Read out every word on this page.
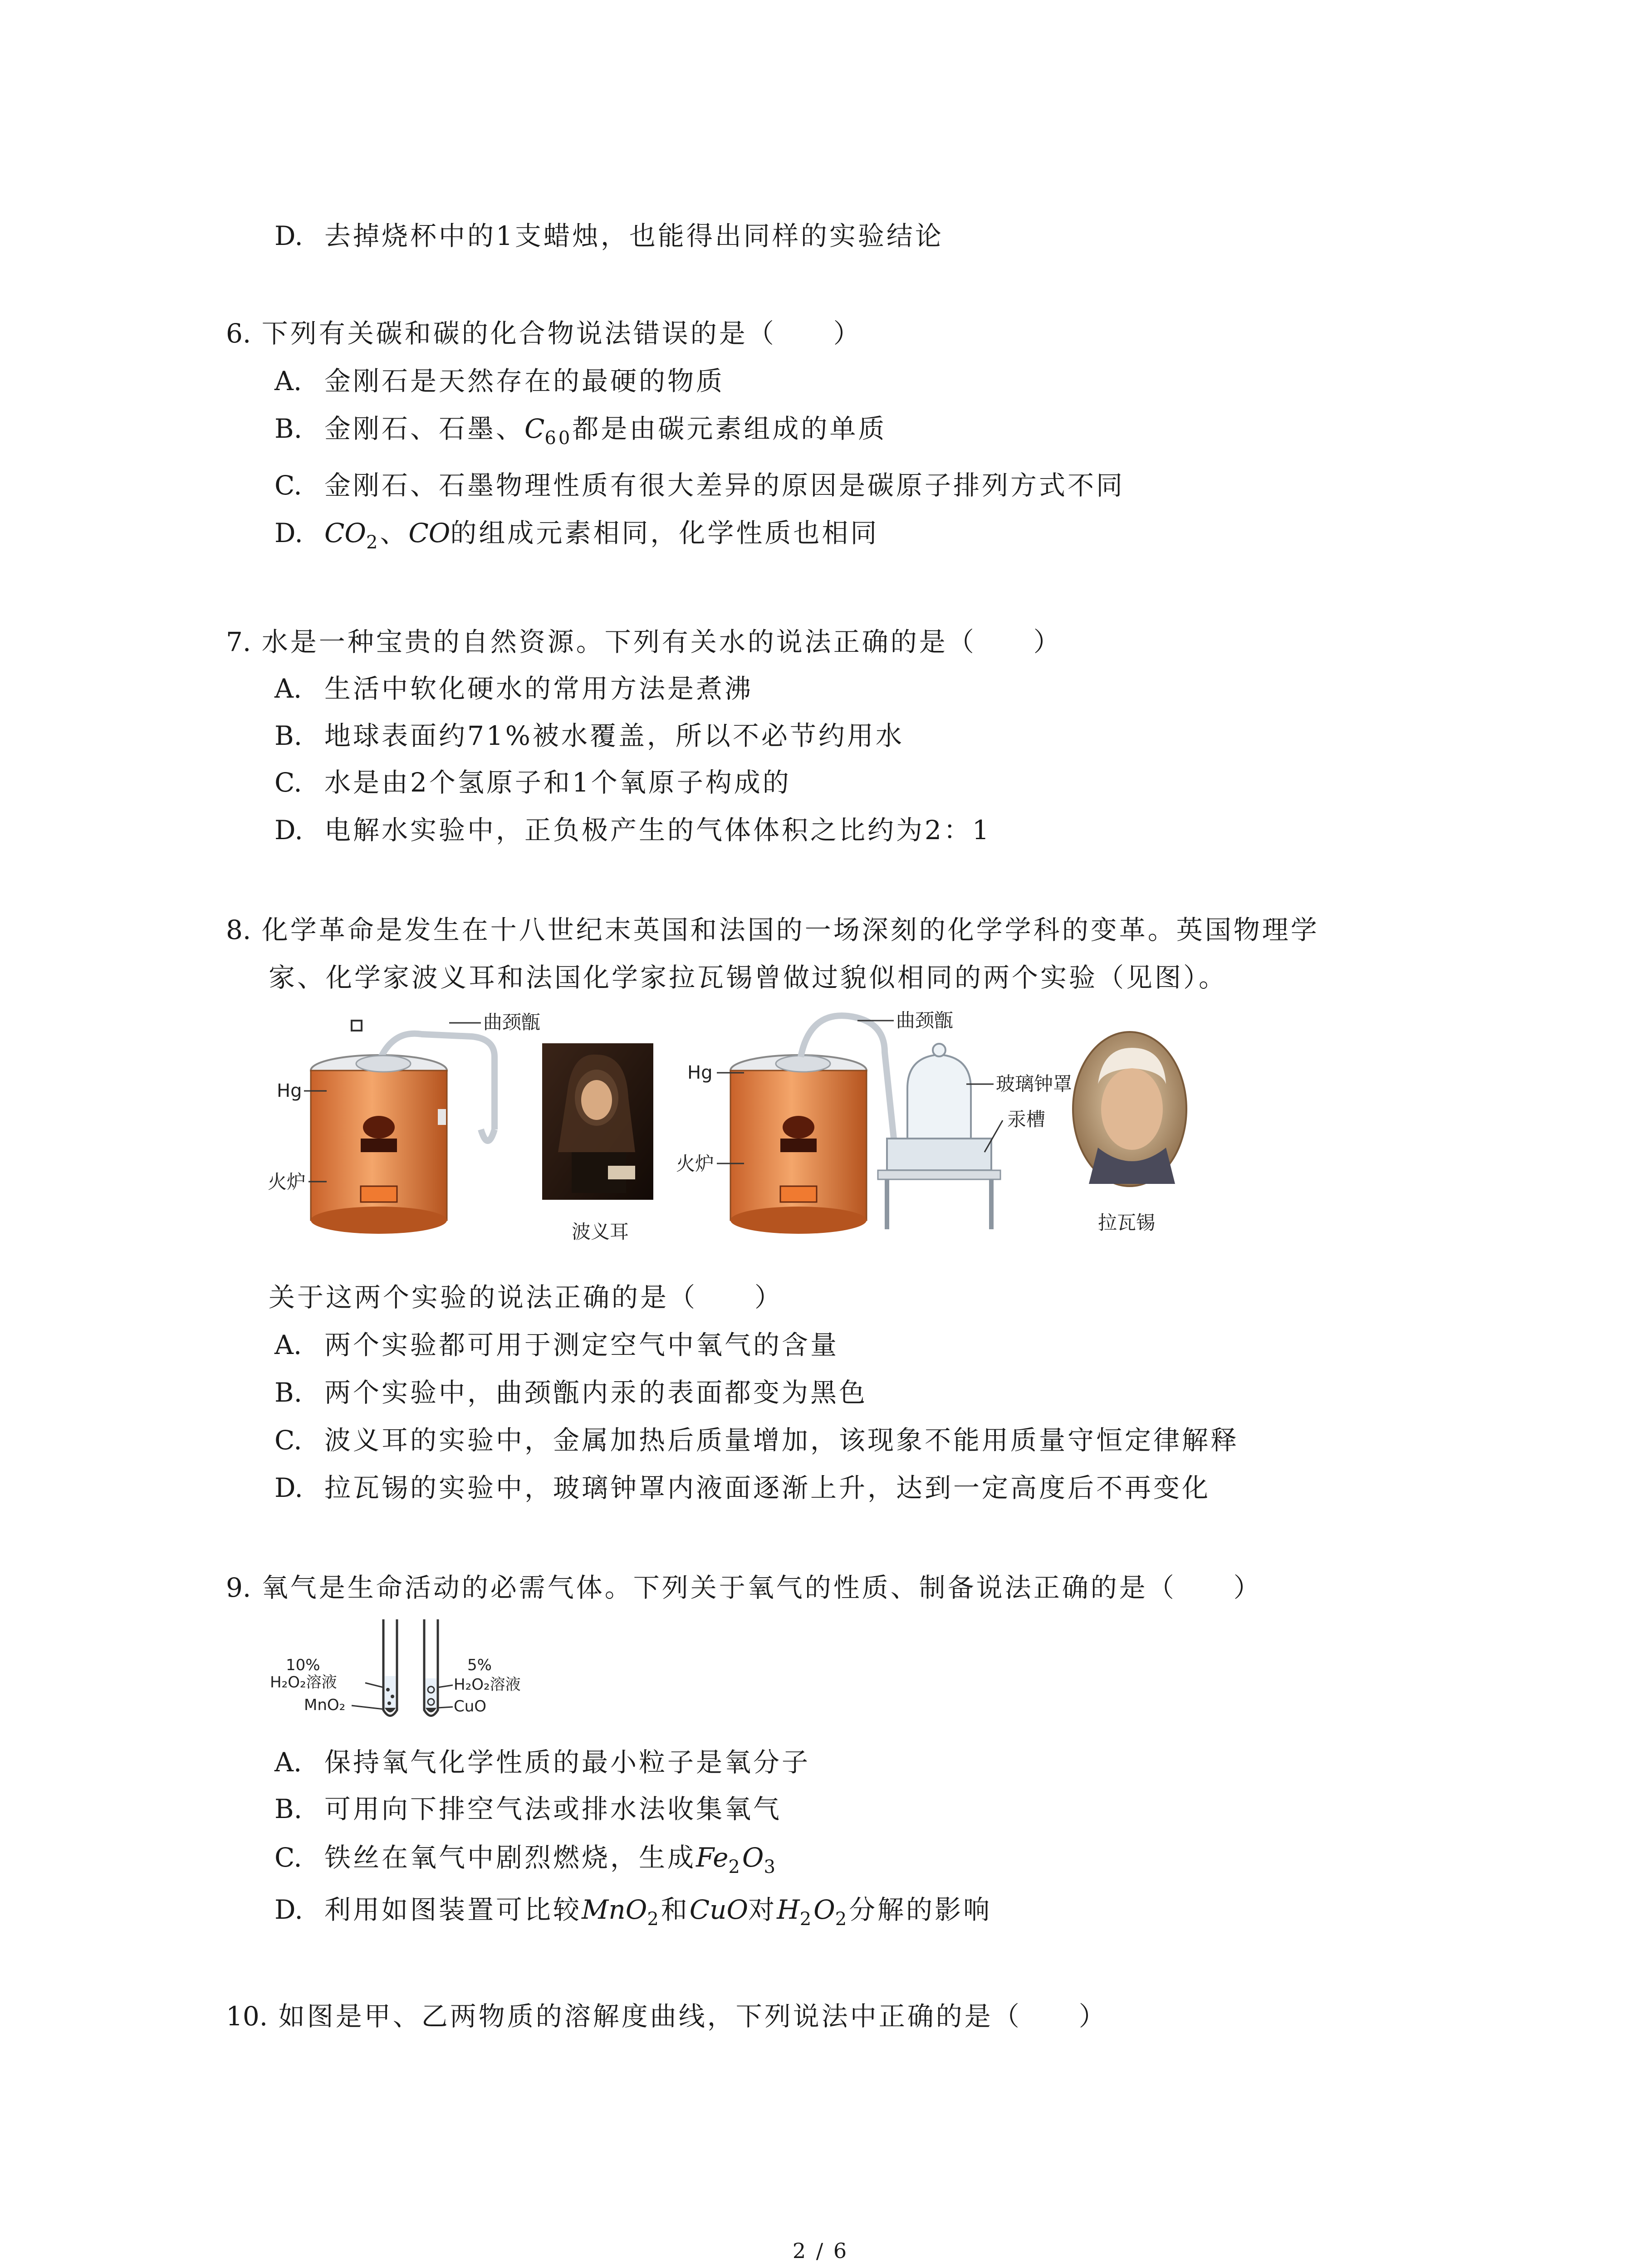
D. 去掉烧杯中的1支蜡烛，也能得出同样的实验结论
6. 下列有关碳和碳的化合物说法错误的是（　　）
A. 金刚石是天然存在的最硬的物质
B. 金刚石、石墨、$C_{60}$都是由碳元素组成的单质
C. 金刚石、石墨物理性质有很大差异的原因是碳原子排列方式不同
D. $CO_2$、CO的组成元素相同，化学性质也相同
7. 水是一种宝贵的自然资源。下列有关水的说法正确的是（　　）
A. 生活中软化硬水的常用方法是煮沸
B. 地球表面约71%被水覆盖，所以不必节约用水
C. 水是由2个氢原子和1个氧原子构成的
D. 电解水实验中，正负极产生的气体体积之比约为2：1
8. 化学革命是发生在十八世纪末英国和法国的一场深刻的化学学科的变革。英国物理学
家、化学家波义耳和法国化学家拉瓦锡曾做过貌似相同的两个实验（见图）。
曲颈甑
Hg
火炉
波义耳
曲颈甑
玻璃钟罩
汞槽
Hg
火炉
拉瓦锡
关于这两个实验的说法正确的是（　　）
A. 两个实验都可用于测定空气中氧气的含量
B. 两个实验中，曲颈甑内汞的表面都变为黑色
C. 波义耳的实验中，金属加热后质量增加，该现象不能用质量守恒定律解释
D. 拉瓦锡的实验中，玻璃钟罩内液面逐渐上升，达到一定高度后不再变化
9. 氧气是生命活动的必需气体。下列关于氧气的性质、制备说法正确的是（　　）
10%
H₂O₂溶液
MnO₂
5%
H₂O₂溶液
CuO
A. 保持氧气化学性质的最小粒子是氧分子
B. 可用向下排空气法或排水法收集氧气
C. 铁丝在氧气中剧烈燃烧，生成$Fe_2O_3$
D. 利用如图装置可比较MnO$_2$和CuO对$H_2O_2$分解的影响
10. 如图是甲、乙两物质的溶解度曲线，下列说法中正确的是（　　）
2 / 6
